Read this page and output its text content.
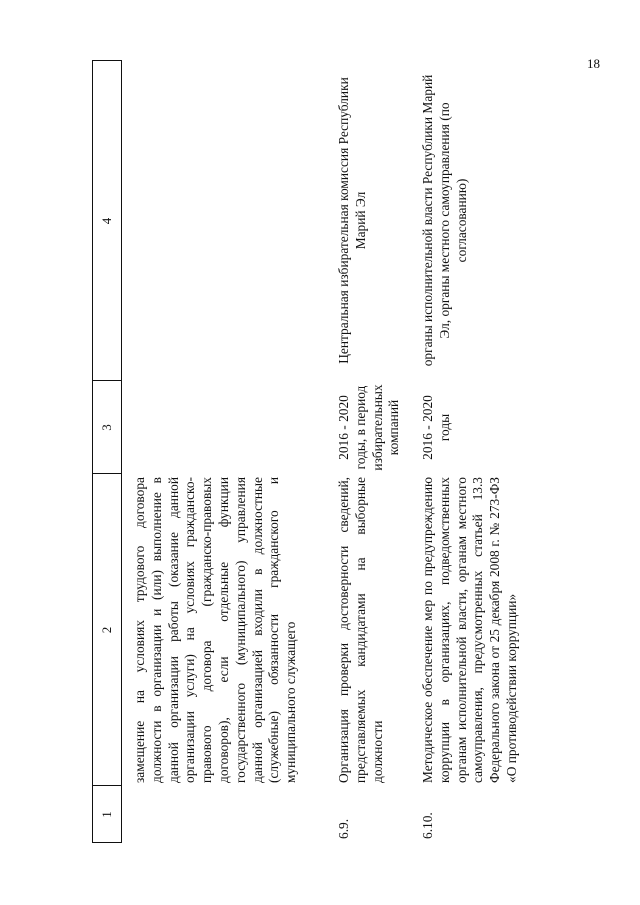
18
1
2
3
4
замещение на условиях трудового договора должности в организации и (или) выполнение в данной организации работы (оказание данной организации услуги) на условиях гражданско-правового договора (гражданско-правовых договоров), если отдельные функции государственного (муниципального) управления данной организацией входили в должностные (служебные) обязанности гражданского и муниципального служащего
6.9.
Организация проверки достоверности сведений, представляемых кандидатами на выборные должности
2016 - 2020 годы, в период избирательных компаний
Центральная избирательная комиссия Республики Марий Эл
6.10.
Методическое обеспечение мер по предупреждению коррупции в организациях, подведомственных органам исполнительной власти, органам местного самоуправления, предусмотренных статьей 13.3 Федерального закона от 25 декабря 2008 г. № 273-ФЗ «О противодействии коррупции»
2016 - 2020 годы
органы исполнительной власти Республики Марий Эл, органы местного самоуправления (по согласованию)
